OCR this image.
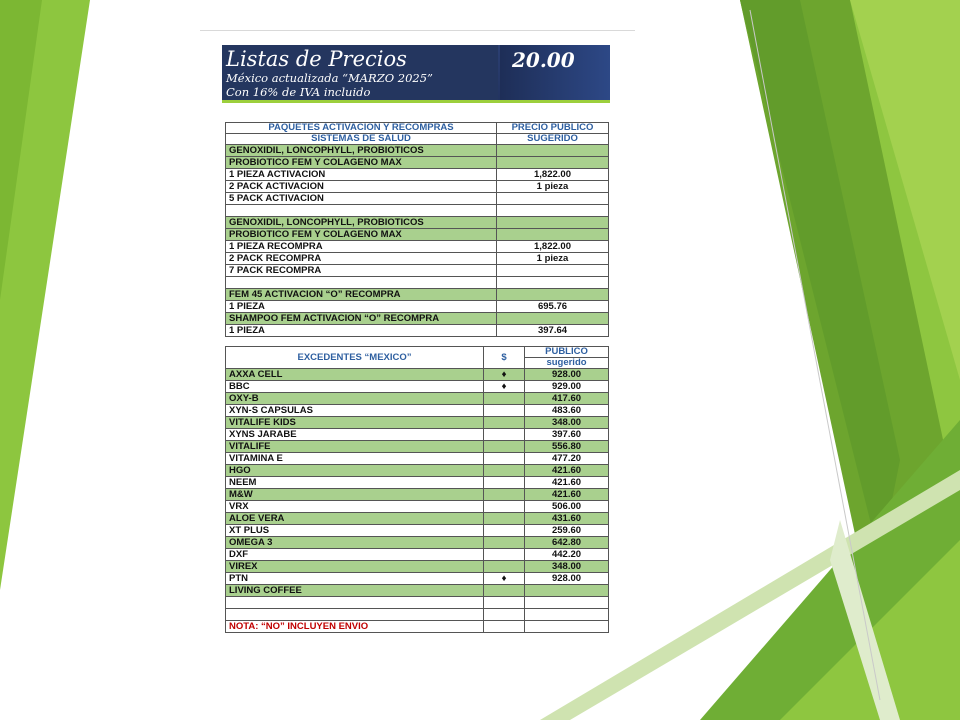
Listas de Precios
México actualizada “MARZO 2025”
Con 16% de IVA incluido
20.00
PAQUETES ACTIVACION Y RECOMPRAS	PRECIO PUBLICO
SISTEMAS DE SALUD	SUGERIDO
GENOXIDIL, LONCOPHYLL, PROBIOTICOS	
PROBIOTICO FEM Y COLAGENO MAX	
1 PIEZA ACTIVACION	1,822.00
2 PACK ACTIVACION	1 pieza
5 PACK ACTIVACION	

GENOXIDIL, LONCOPHYLL, PROBIOTICOS	
PROBIOTICO FEM Y COLAGENO MAX	
1 PIEZA RECOMPRA	1,822.00
2 PACK RECOMPRA	1 pieza
7 PACK RECOMPRA	

FEM 45 ACTIVACION “O” RECOMPRA	
1 PIEZA	695.76
SHAMPOO FEM ACTIVACION “O” RECOMPRA	
1 PIEZA	397.64
EXCEDENTES “MEXICO”	$	PUBLICO
		sugerido
AXXA CELL	♦	928.00
BBC	♦	929.00
OXY-B		417.60
XYN-S CAPSULAS		483.60
VITALIFE KIDS		348.00
XYNS JARABE		397.60
VITALIFE		556.80
VITAMINA E		477.20
HGO		421.60
NEEM		421.60
M&W		421.60
VRX		506.00
ALOE VERA		431.60
XT PLUS		259.60
OMEGA 3		642.80
DXF		442.20
VIREX		348.00
PTN	♦	928.00
LIVING COFFEE		

NOTA: “NO” INCLUYEN ENVIO		
